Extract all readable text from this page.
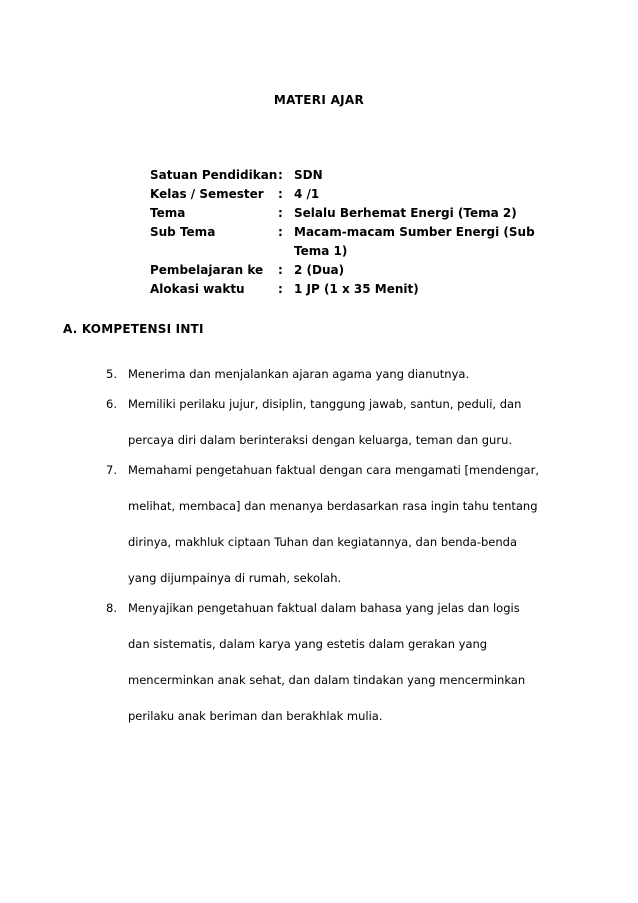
MATERI AJAR
Satuan Pendidikan : SDN
Kelas / Semester	: 4 /1
Tema	: Selalu Berhemat Energi (Tema 2)
Sub Tema	: Macam-macam Sumber Energi (Sub
Tema 1)
Pembelajaran ke	: 2 (Dua)
Alokasi waktu	: 1 JP (1 x 35 Menit)
A. KOMPETENSI INTI
5. Menerima dan menjalankan ajaran agama yang dianutnya.
6. Memiliki perilaku jujur, disiplin, tanggung jawab, santun, peduli, dan
percaya diri dalam berinteraksi dengan keluarga, teman dan guru.
7. Memahami pengetahuan faktual dengan cara mengamati [mendengar,
melihat, membaca] dan menanya berdasarkan rasa ingin tahu tentang
dirinya, makhluk ciptaan Tuhan dan kegiatannya, dan benda-benda
yang dijumpainya di rumah, sekolah.
8. Menyajikan pengetahuan faktual dalam bahasa yang jelas dan logis
dan sistematis, dalam karya yang estetis dalam gerakan yang
mencerminkan anak sehat, dan dalam tindakan yang mencerminkan
perilaku anak beriman dan berakhlak mulia.
